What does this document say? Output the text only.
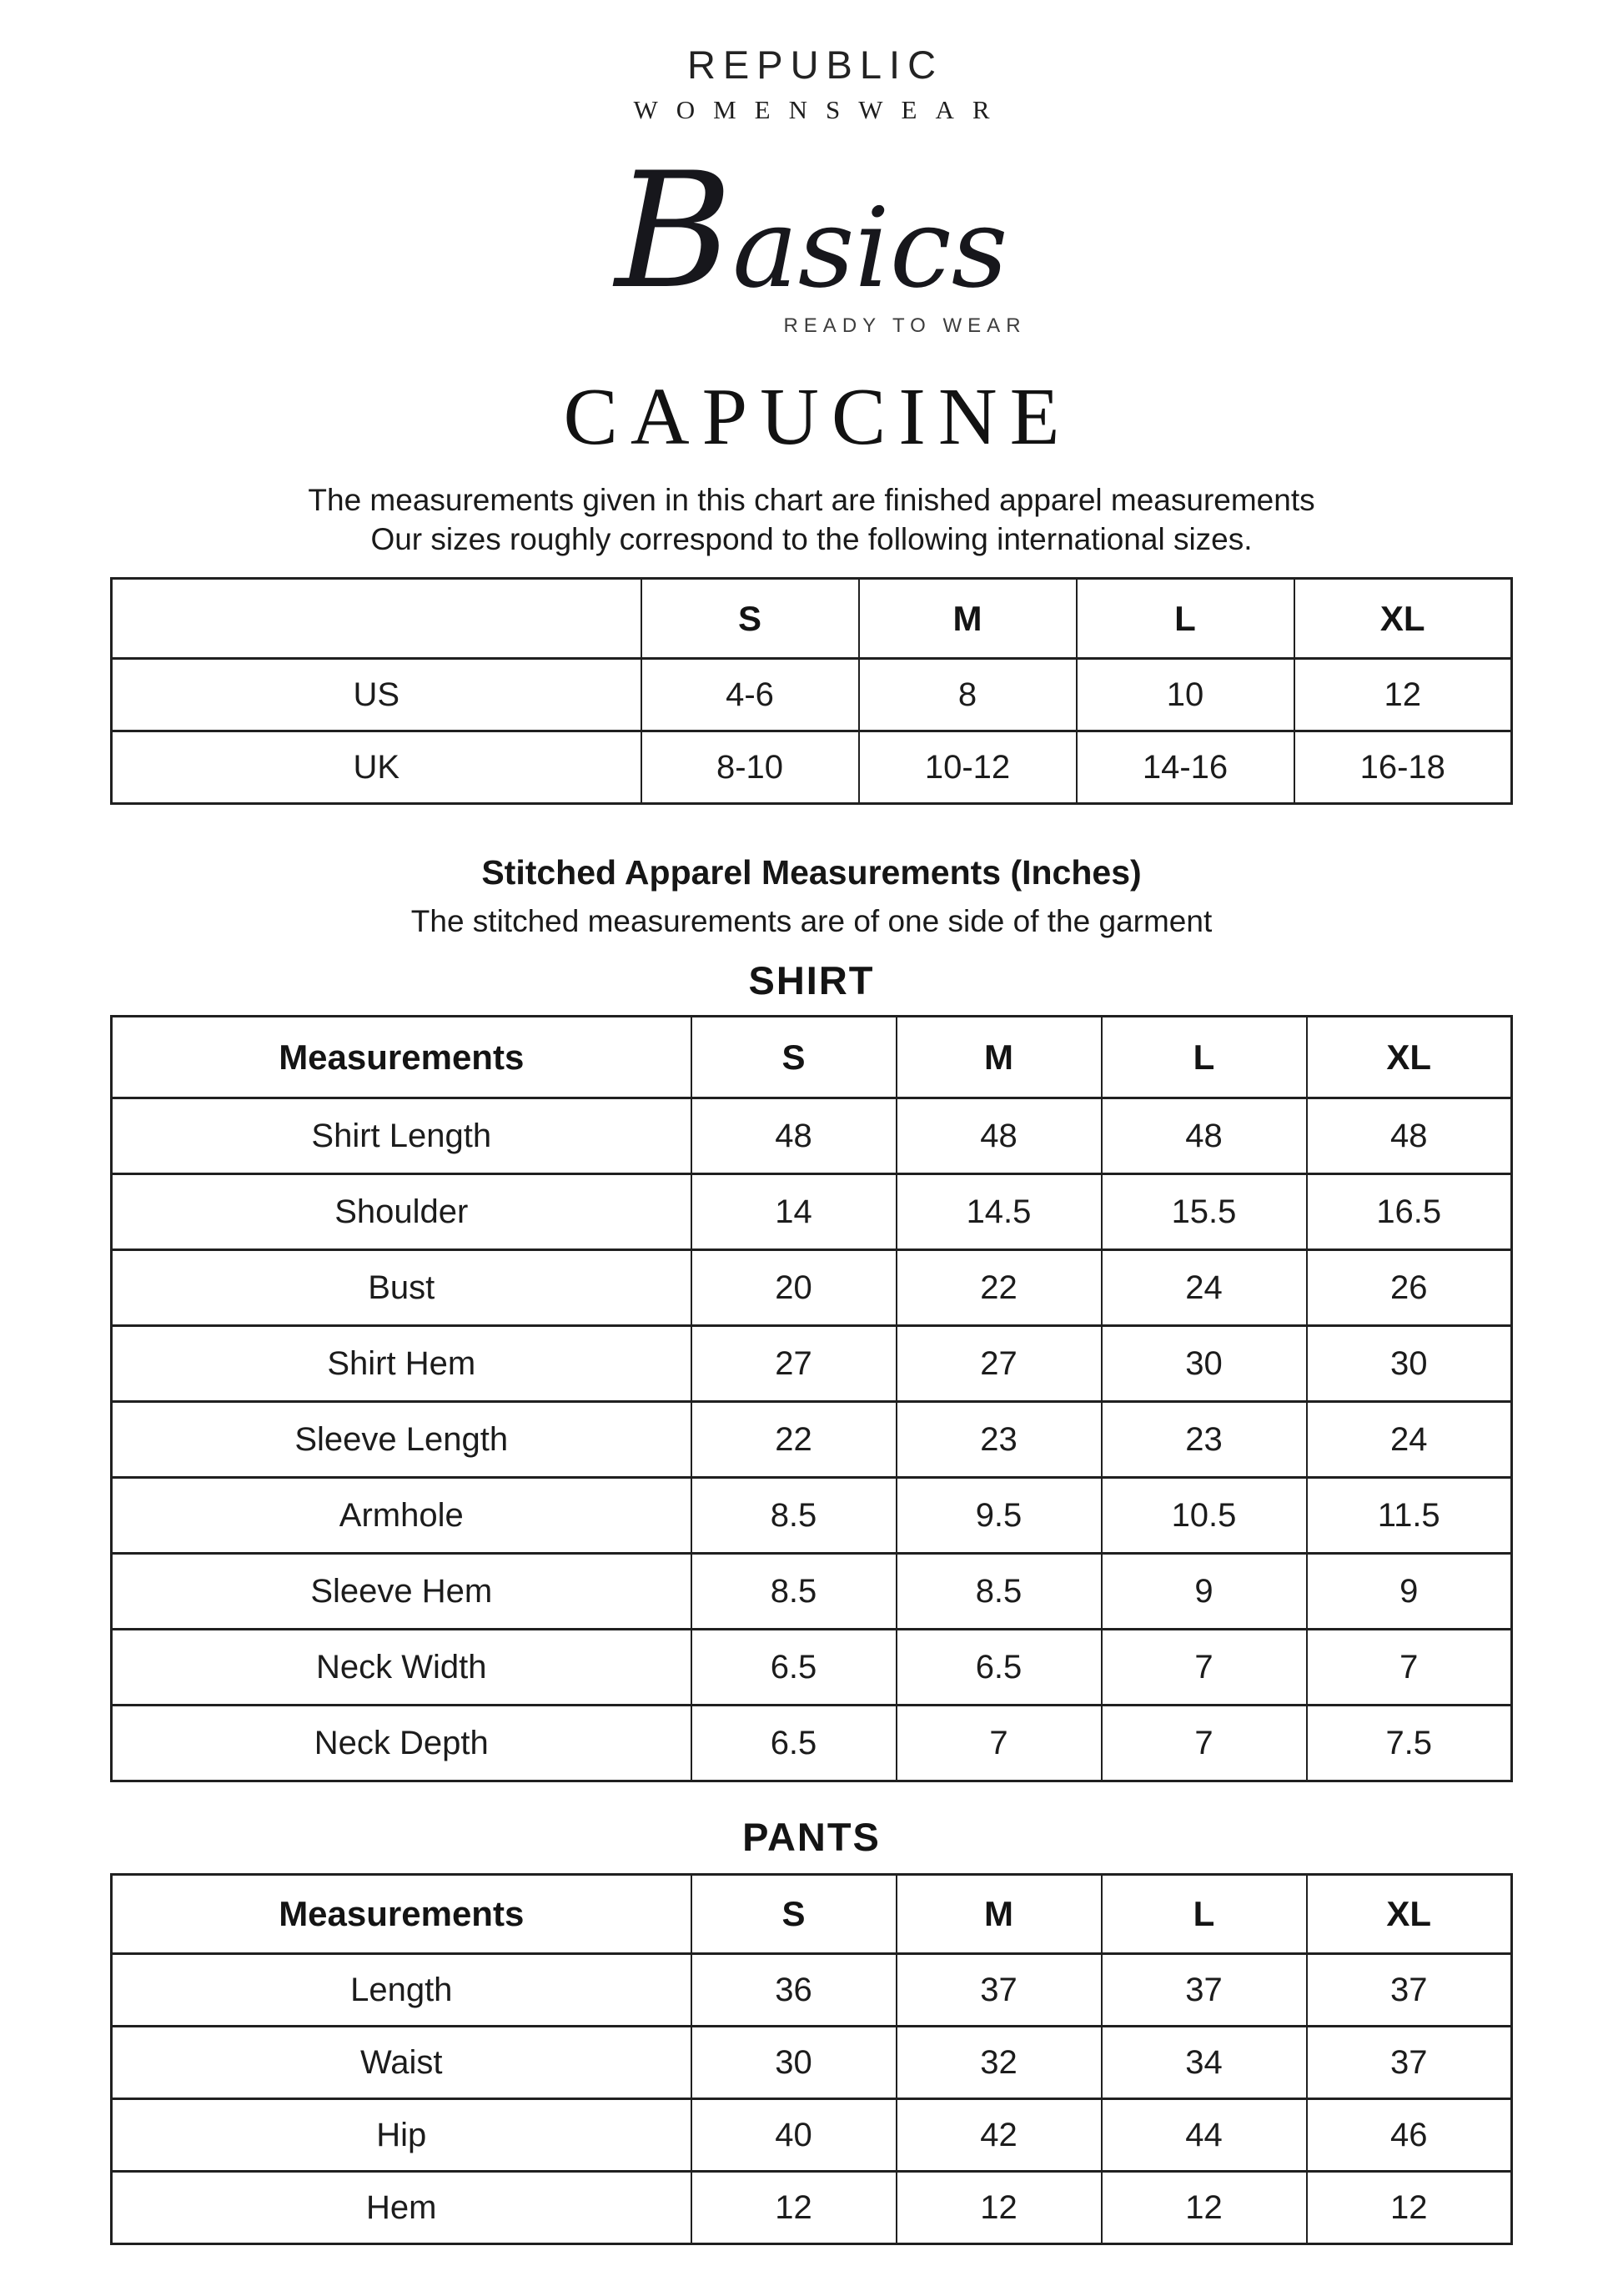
REPUBLIC
WOMENSWEAR
Basics
READY TO WEAR
CAPUCINE
The measurements given in this chart are finished apparel measurements
Our sizes roughly correspond to the following international sizes.
	S	M	L	XL
US	4-6	8	10	12
UK	8-10	10-12	14-16	16-18
Stitched Apparel Measurements (Inches)
The stitched measurements are of one side of the garment
SHIRT
Measurements	S	M	L	XL
Shirt Length	48	48	48	48
Shoulder	14	14.5	15.5	16.5
Bust	20	22	24	26
Shirt Hem	27	27	30	30
Sleeve Length	22	23	23	24
Armhole	8.5	9.5	10.5	11.5
Sleeve Hem	8.5	8.5	9	9
Neck Width	6.5	6.5	7	7
Neck Depth	6.5	7	7	7.5
PANTS
Measurements	S	M	L	XL
Length	36	37	37	37
Waist	30	32	34	37
Hip	40	42	44	46
Hem	12	12	12	12
